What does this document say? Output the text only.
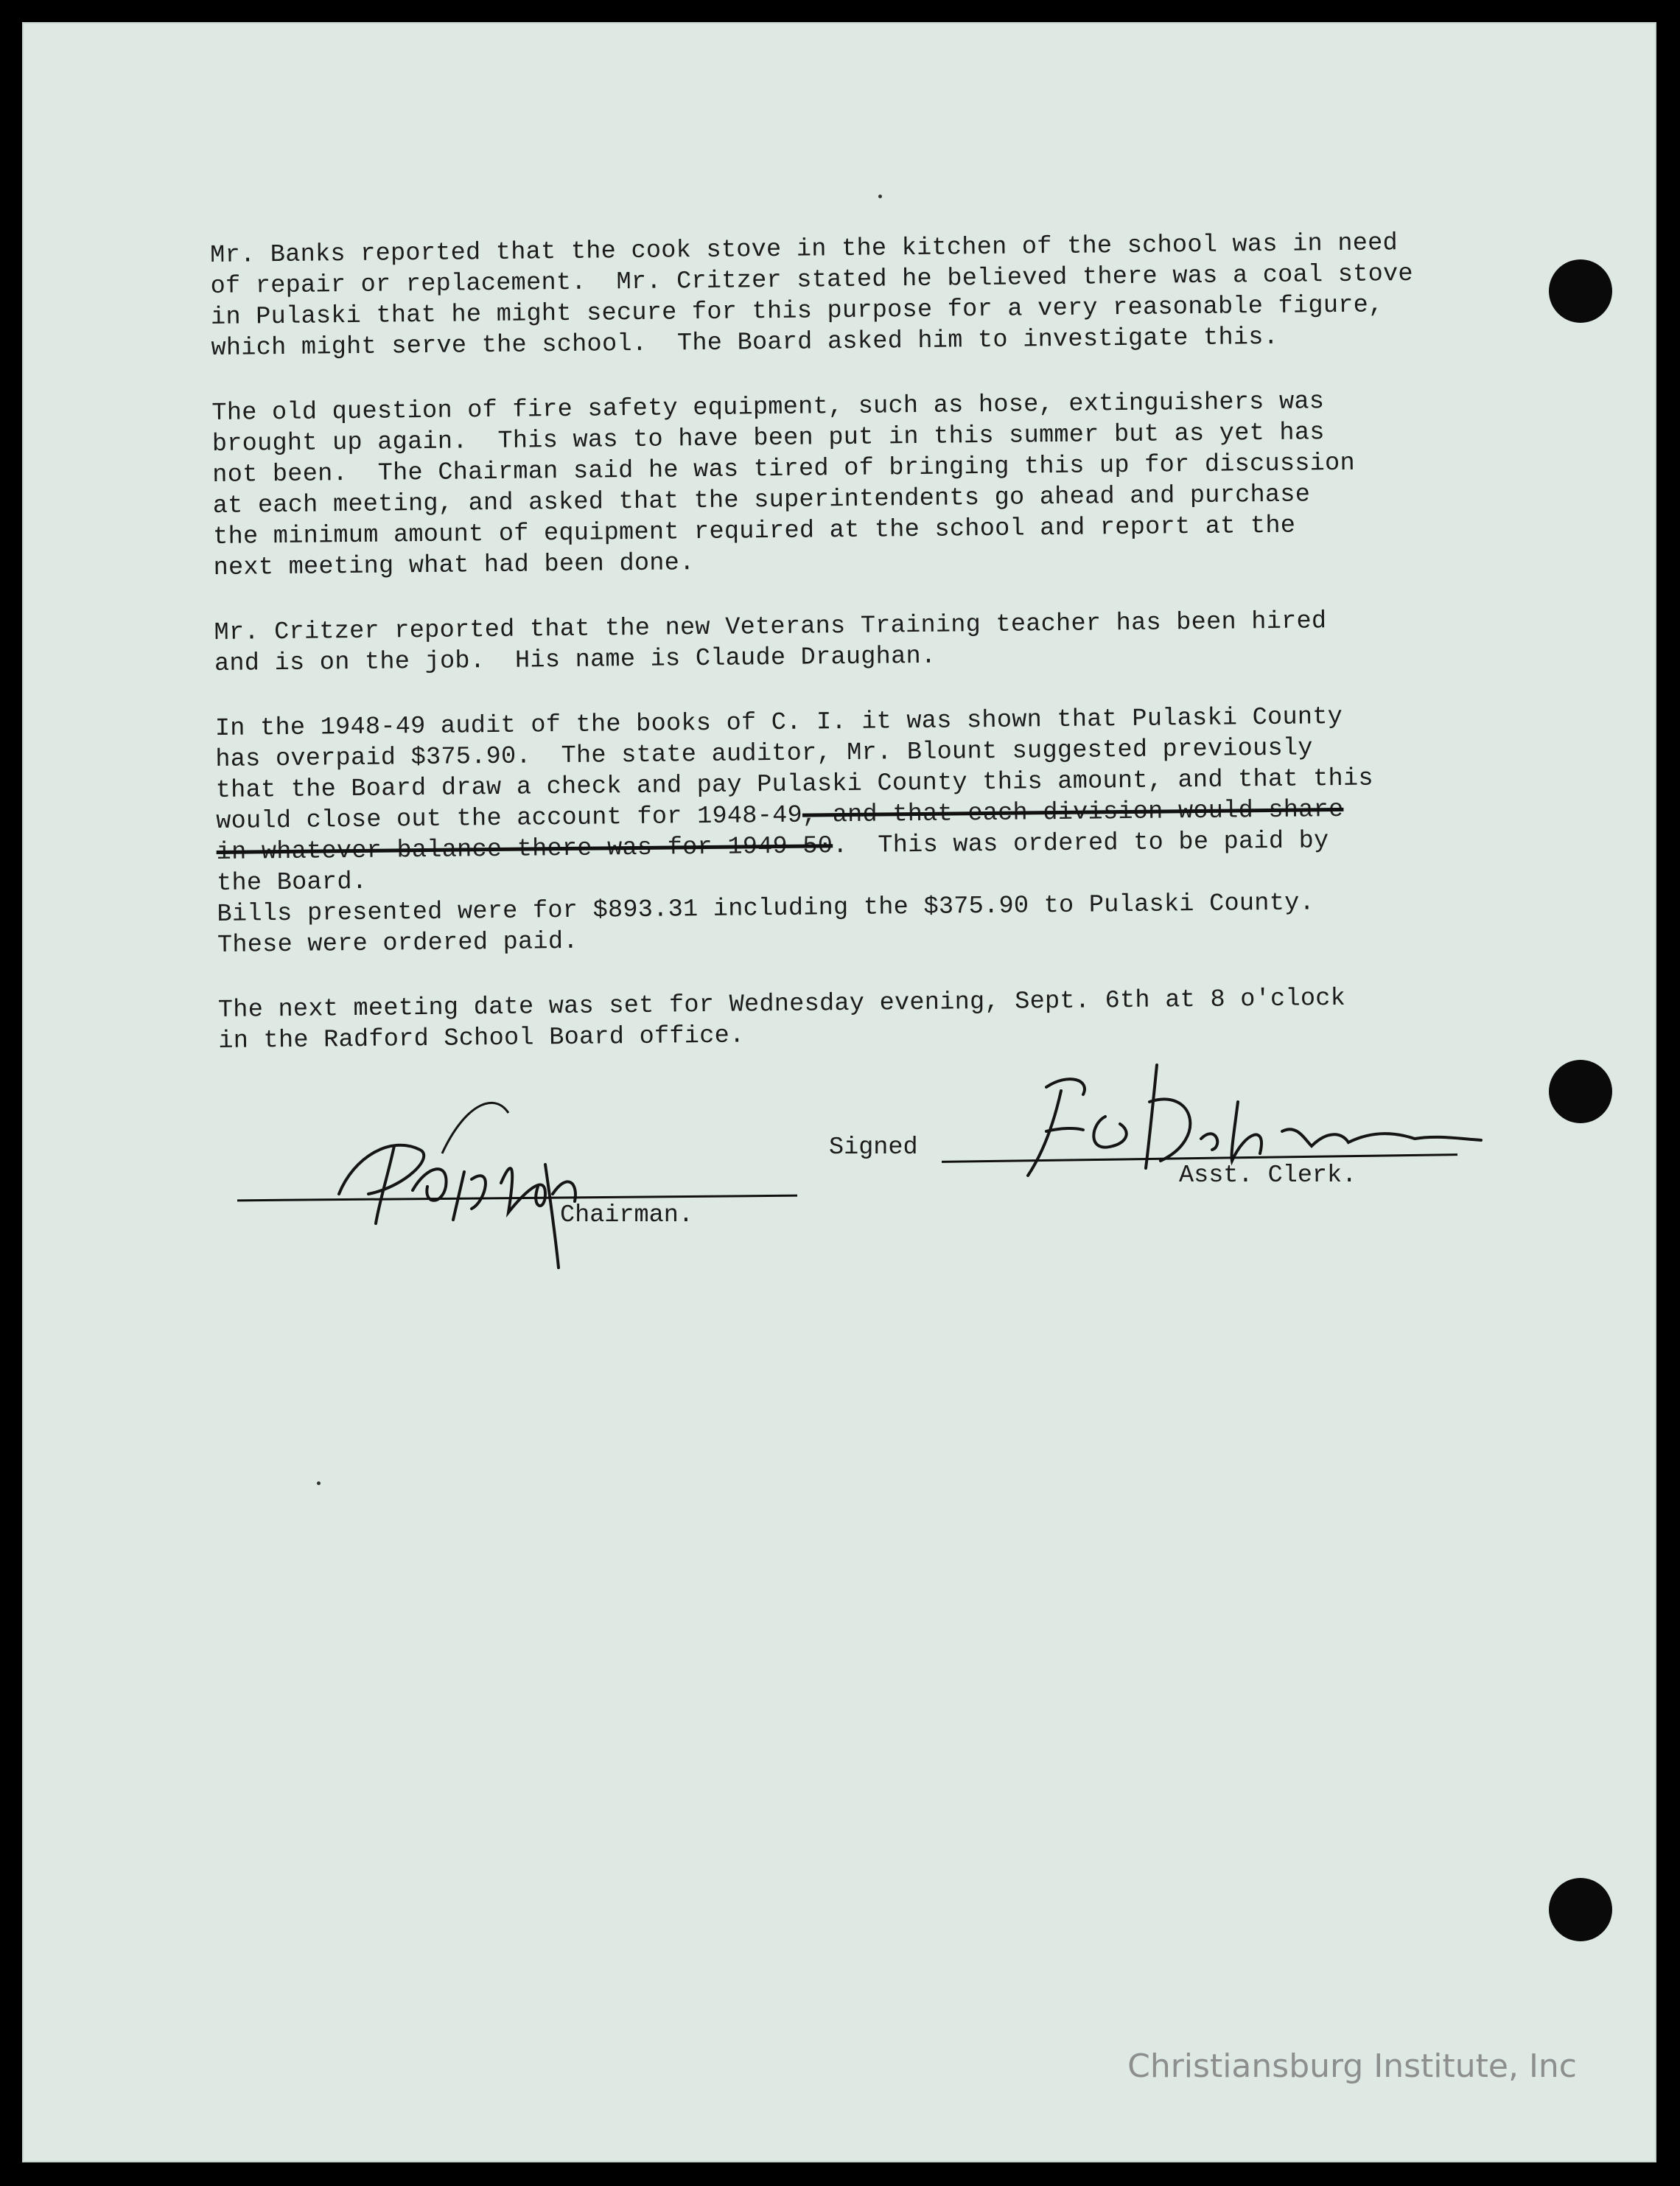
Mr. Banks reported that the cook stove in the kitchen of the school was in need
of repair or replacement.  Mr. Critzer stated he believed there was a coal stove
in Pulaski that he might secure for this purpose for a very reasonable figure,
which might serve the school.  The Board asked him to investigate this.
The old question of fire safety equipment, such as hose, extinguishers was
brought up again.  This was to have been put in this summer but as yet has
not been.  The Chairman said he was tired of bringing this up for discussion
at each meeting, and asked that the superintendents go ahead and purchase
the minimum amount of equipment required at the school and report at the
next meeting what had been done.
Mr. Critzer reported that the new Veterans Training teacher has been hired
and is on the job.  His name is Claude Draughan.
In the 1948-49 audit of the books of C. I. it was shown that Pulaski County
has overpaid $375.90.  The state auditor, Mr. Blount suggested previously
that the Board draw a check and pay Pulaski County this amount, and that this
would close out the account for 1948-49, and that each division would share
in whatever balance there was for 1949-50.  This was ordered to be paid by
the Board.
Bills presented were for $893.31 including the $375.90 to Pulaski County.
These were ordered paid.
The next meeting date was set for Wednesday evening, Sept. 6th at 8 o'clock
in the Radford School Board office.
Chairman.
Signed
Asst. Clerk.
Christiansburg Institute, Inc
